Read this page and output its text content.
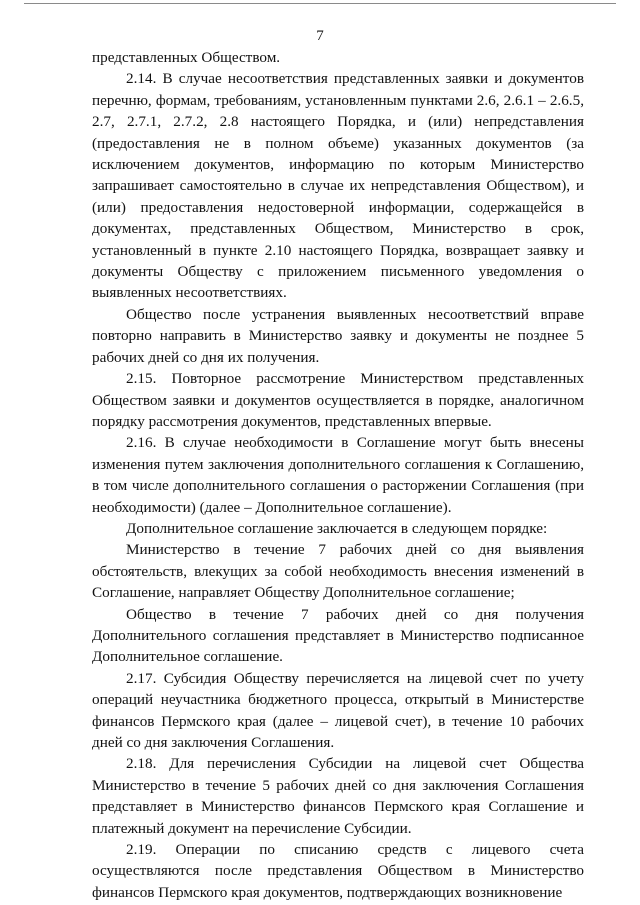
7

представленных Обществом.

2.14. В случае несоответствия представленных заявки и документов перечню, формам, требованиям, установленным пунктами 2.6, 2.6.1 – 2.6.5, 2.7, 2.7.1, 2.7.2, 2.8 настоящего Порядка, и (или) непредставления (предоставления не в полном объеме) указанных документов (за исключением документов, информацию по которым Министерство запрашивает самостоятельно в случае их непредставления Обществом), и (или) предоставления недостоверной информации, содержащейся в документах, представленных Обществом, Министерство в срок, установленный в пункте 2.10 настоящего Порядка, возвращает заявку и документы Обществу с приложением письменного уведомления о выявленных несоответствиях.

Общество после устранения выявленных несоответствий вправе повторно направить в Министерство заявку и документы не позднее 5 рабочих дней со дня их получения.

2.15. Повторное рассмотрение Министерством представленных Обществом заявки и документов осуществляется в порядке, аналогичном порядку рассмотрения документов, представленных впервые.

2.16. В случае необходимости в Соглашение могут быть внесены изменения путем заключения дополнительного соглашения к Соглашению, в том числе дополнительного соглашения о расторжении Соглашения (при необходимости) (далее – Дополнительное соглашение).

Дополнительное соглашение заключается в следующем порядке:

Министерство в течение 7 рабочих дней со дня выявления обстоятельств, влекущих за собой необходимость внесения изменений в Соглашение, направляет Обществу Дополнительное соглашение;

Общество в течение 7 рабочих дней со дня получения Дополнительного соглашения представляет в Министерство подписанное Дополнительное соглашение.

2.17. Субсидия Обществу перечисляется на лицевой счет по учету операций неучастника бюджетного процесса, открытый в Министерстве финансов Пермского края (далее – лицевой счет), в течение 10 рабочих дней со дня заключения Соглашения.

2.18. Для перечисления Субсидии на лицевой счет Общества Министерство в течение 5 рабочих дней со дня заключения Соглашения представляет в Министерство финансов Пермского края Соглашение и платежный документ на перечисление Субсидии.

2.19. Операции по списанию средств с лицевого счета осуществляются после представления Обществом в Министерство финансов Пермского края документов, подтверждающих возникновение
